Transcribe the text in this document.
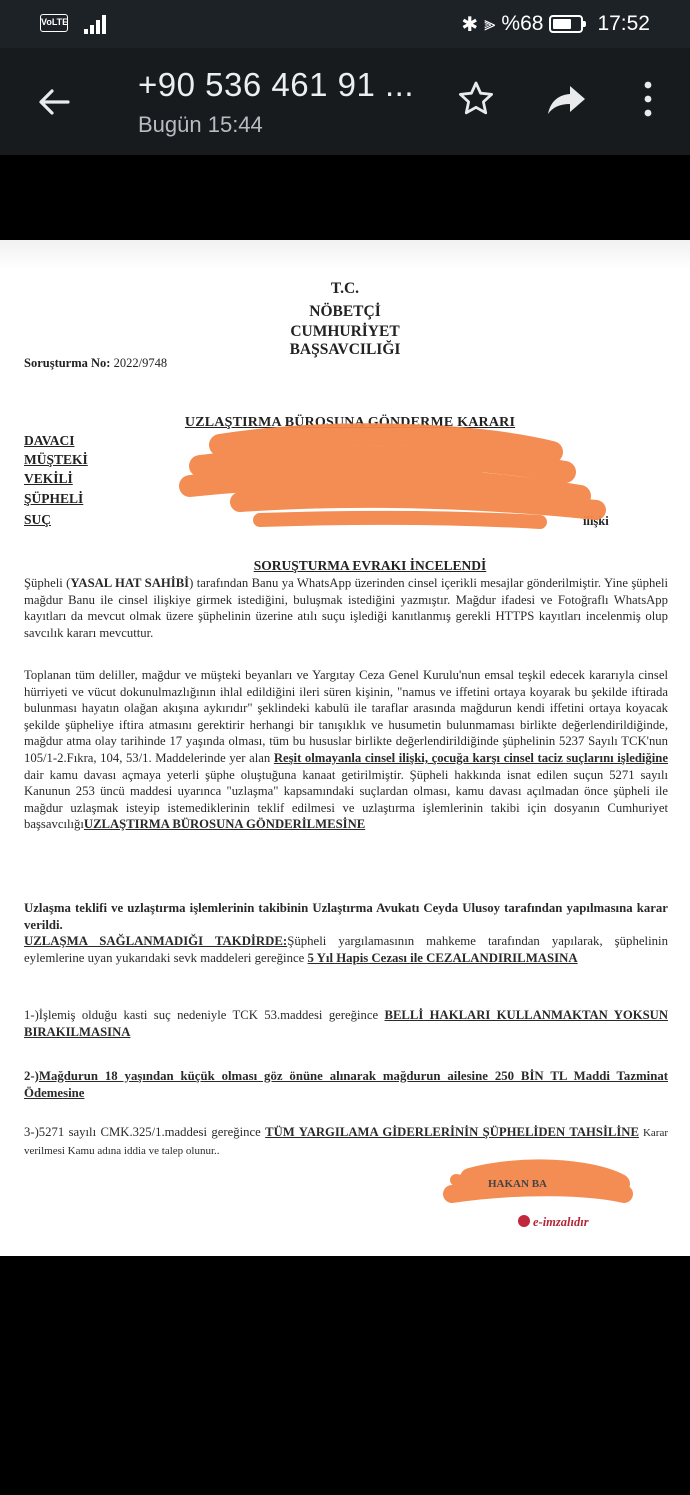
VoLTE	✱ ⫸ %68	17:52
+90 536 461 91 ...
Bugün 15:44
T.C.
NÖBETÇİ
CUMHURİYET
BAŞSAVCILIĞI
Soruşturma No: 2022/9748
UZLAŞTIRMA BÜROSUNA GÖNDERME KARARI
DAVACI
MÜŞTEKİ
VEKİLİ
ŞÜPHELİ
SUÇ	ilişki
SORUŞTURMA EVRAKI İNCELENDİ
Şüpheli (YASAL HAT SAHİBİ) tarafından Banu ya WhatsApp üzerinden cinsel içerikli mesajlar gönderilmiştir. Yine şüpheli mağdur Banu ile cinsel ilişkiye girmek istediğini, buluşmak istediğini yazmıştır. Mağdur ifadesi ve Fotoğraflı WhatsApp kayıtları da mevcut olmak üzere şüphelinin üzerine atılı suçu işlediği kanıtlanmış gerekli HTTPS kayıtları incelenmiş olup savcılık kararı mevcuttur.
Toplanan tüm deliller, mağdur ve müşteki beyanları ve Yargıtay Ceza Genel Kurulu'nun emsal teşkil edecek kararıyla cinsel hürriyeti ve vücut dokunulmazlığının ihlal edildiğini ileri süren kişinin, "namus ve iffetini ortaya koyarak bu şekilde iftirada bulunması hayatın olağan akışına aykırıdır" şeklindeki kabulü ile taraflar arasında mağdurun kendi iffetini ortaya koyacak şekilde şüpheliye iftira atmasını gerektirir herhangi bir tanışıklık ve husumetin bulunmaması birlikte değerlendirildiğinde, mağdur atma olay tarihinde 17 yaşında olması, tüm bu hususlar birlikte değerlendirildiğinde şüphelinin 5237 Sayılı TCK'nun 105/1-2.Fıkra, 104, 53/1. Maddelerinde yer alan Reşit olmayanla cinsel ilişki, çocuğa karşı cinsel taciz suçlarını işlediğine dair kamu davası açmaya yeterli şüphe oluştuğuna kanaat getirilmiştir. Şüpheli hakkında isnat edilen suçun 5271 sayılı Kanunun 253 üncü maddesi uyarınca "uzlaşma" kapsamındaki suçlardan olması, kamu davası açılmadan önce şüpheli ile mağdur uzlaşmak isteyip istemediklerinin teklif edilmesi ve uzlaştırma işlemlerinin takibi için dosyanın Cumhuriyet başsavcılığıUZLAŞTIRMA BÜROSUNA GÖNDERİLMESİNE
Uzlaşma teklifi ve uzlaştırma işlemlerinin takibinin Uzlaştırma Avukatı Ceyda Ulusoy tarafından yapılmasına karar verildi.
UZLAŞMA SAĞLANMADIĞI TAKDİRDE:Şüpheli yargılamasının mahkeme tarafından yapılarak, şüphelinin eylemlerine uyan yukarıdaki sevk maddeleri gereğince 5 Yıl Hapis Cezası ile CEZALANDIRILMASINA
1-)İşlemiş olduğu kasti suç nedeniyle TCK 53.maddesi gereğince BELLİ HAKLARI KULLANMAKTAN YOKSUN BIRAKILMASINA
2-)Mağdurun 18 yaşından küçük olması göz önüne alınarak mağdurun ailesine 250 BİN TL Maddi Tazminat Ödemesine
3-)5271 sayılı CMK.325/1.maddesi gereğince TÜM YARGILAMA GİDERLERİNİN ŞÜPHELİDEN TAHSİLİNE Karar verilmesi Kamu adına iddia ve talep olunur..
HAKAN BA
e-imzalıdır
